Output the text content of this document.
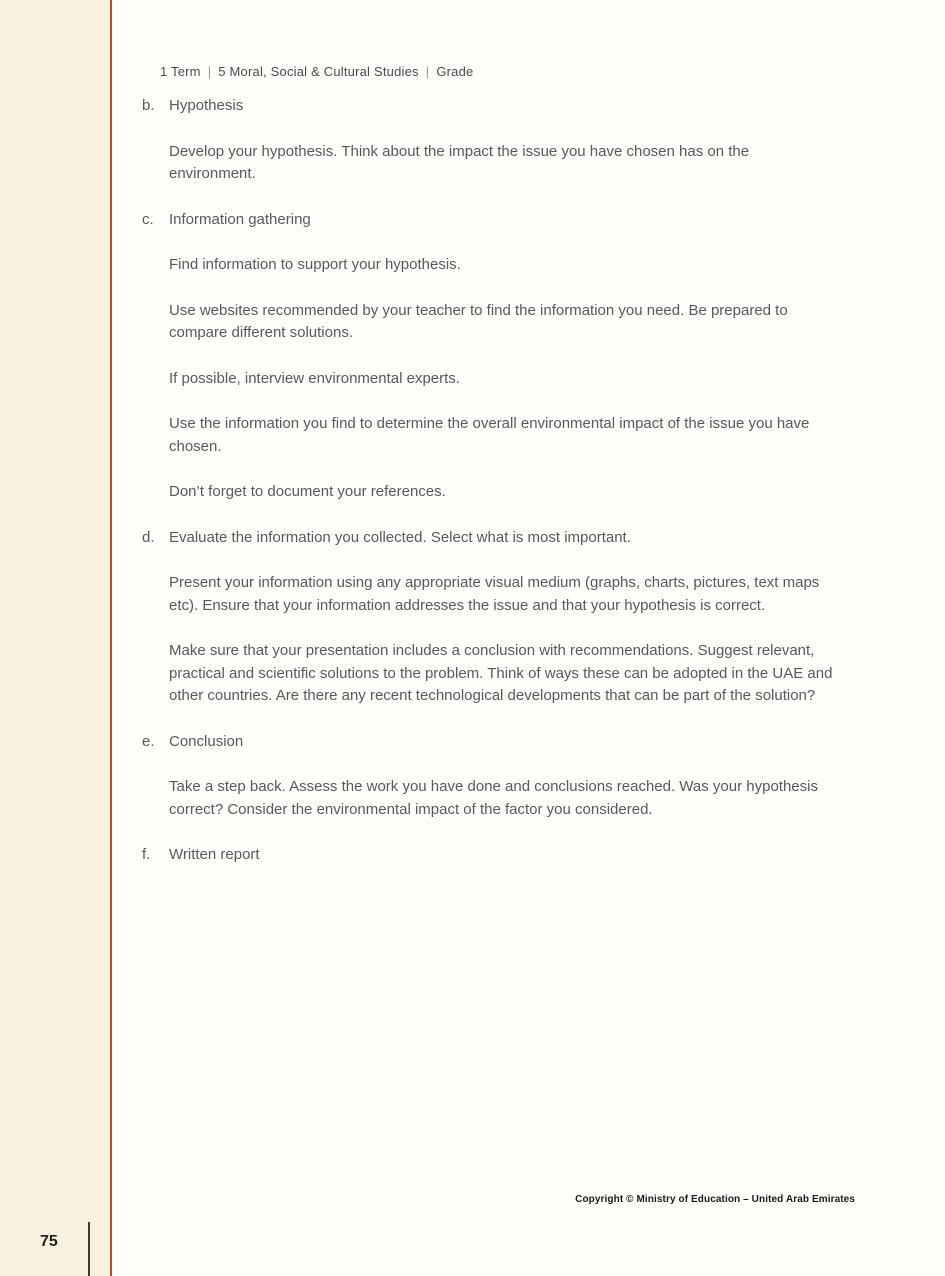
1 Term | 5 Moral, Social & Cultural Studies | Grade
b. Hypothesis

Develop your hypothesis. Think about the impact the issue you have chosen has on the environment.

c.	Information gathering

Find information to support your hypothesis.

Use websites recommended by your teacher to find the information you need. Be prepared to compare different solutions.

If possible, interview environmental experts.

Use the information you find to determine the overall environmental impact of the issue you have chosen.

Don’t forget to document your references.

d. Evaluate the information you collected. Select what is most important.

Present your information using any appropriate visual medium (graphs, charts, pictures, text maps etc). Ensure that your information addresses the issue and that your hypothesis is correct.

Make sure that your presentation includes a conclusion with recommendations. Suggest relevant, practical and scientific solutions to the problem. Think of ways these can be adopted in the UAE and other countries. Are there any recent technological developments that can be part of the solution?

e. Conclusion

Take a step back. Assess the work you have done and conclusions reached. Was your hypothesis correct? Consider the environmental impact of the factor you considered.

f.	Written report
Copyright © Ministry of Education – United Arab Emirates
75
